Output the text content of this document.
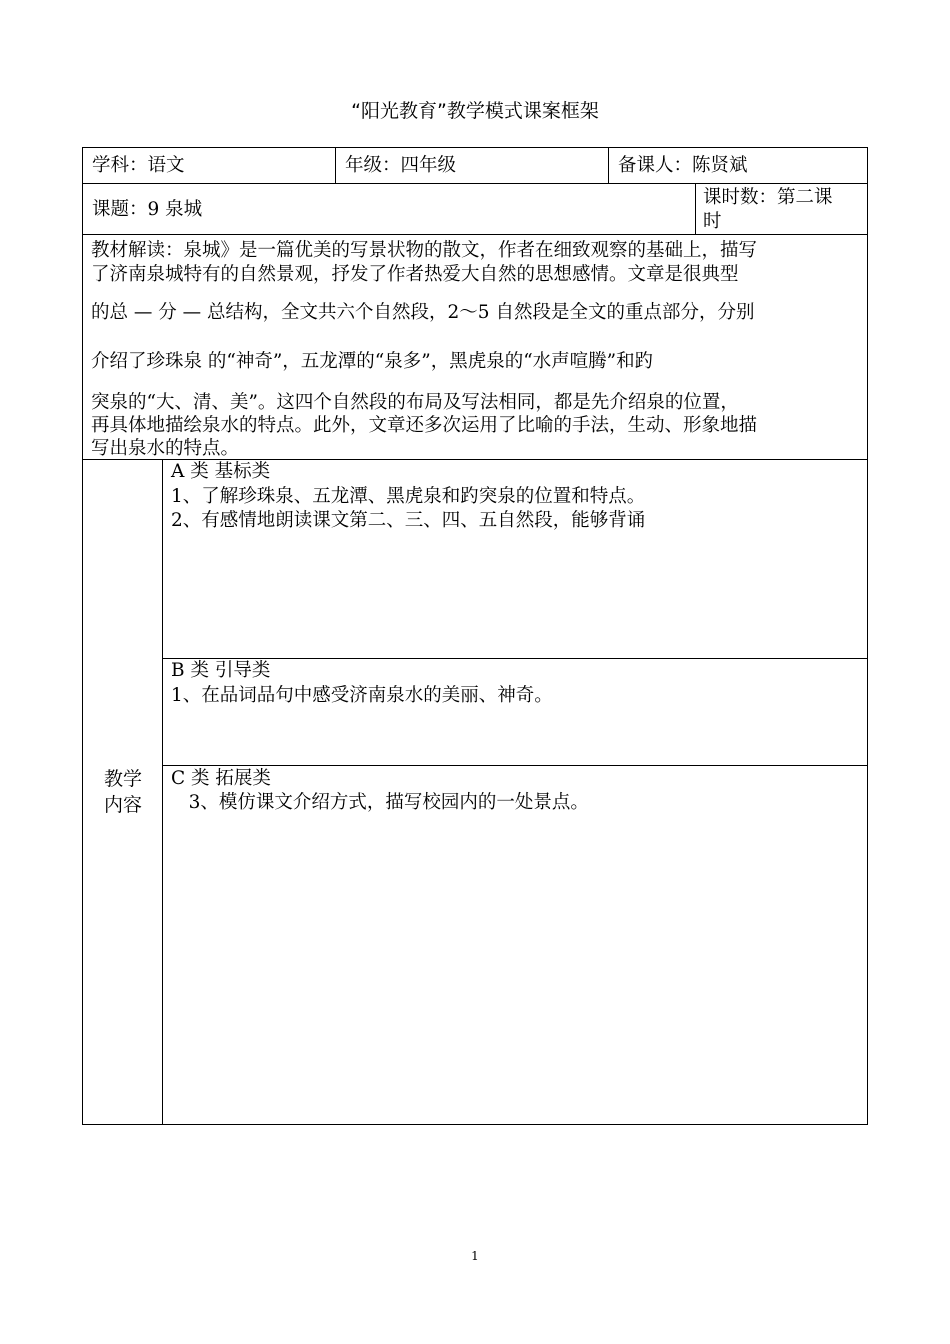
“阳光教育”教学模式课案框架
学科：语文	年级：四年级	备课人：陈贤斌
课题：9 泉城
课时数：第二课
时
教材解读：泉城》是一篇优美的写景状物的散文，作者在细致观察的基础上，描写
了济南泉城特有的自然景观，抒发了作者热爱大自然的思想感情。文章是很典型
的总 — 分 — 总结构，全文共六个自然段，2～5 自然段是全文的重点部分，分别
介绍了珍珠泉 的“神奇”，五龙潭的“泉多”，黑虎泉的“水声喧腾”和趵
突泉的“大、清、美”。这四个自然段的布局及写法相同，都是先介绍泉的位置，
再具体地描绘泉水的特点。此外，文章还多次运用了比喻的手法，生动、形象地描
写出泉水的特点。
教学
内容
A 类 基标类
1、了解珍珠泉、五龙潭、黑虎泉和趵突泉的位置和特点。
2、有感情地朗读课文第二、三、四、五自然段，能够背诵
B 类 引导类
1、在品词品句中感受济南泉水的美丽、神奇。
C 类 拓展类
3、模仿课文介绍方式，描写校园内的一处景点。
1
